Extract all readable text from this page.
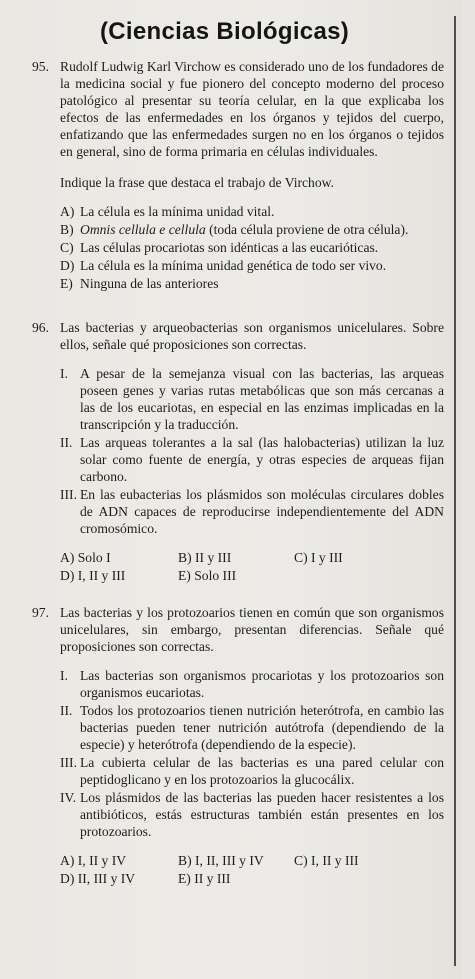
(Ciencias Biológicas)
95. Rudolf Ludwig Karl Virchow es considerado uno de los fundadores de la medicina social y fue pionero del concepto moderno del proceso patológico al presentar su teoría celular, en la que explicaba los efectos de las enfermedades en los órganos y tejidos del cuerpo, enfatizando que las enfermedades surgen no en los órganos o tejidos en general, sino de forma primaria en células individuales.
Indique la frase que destaca el trabajo de Virchow.
A) La célula es la mínima unidad vital.
B) Omnis cellula e cellula (toda célula proviene de otra célula).
C) Las células procariotas son idénticas a las eucarióticas.
D) La célula es la mínima unidad genética de todo ser vivo.
E) Ninguna de las anteriores
96. Las bacterias y arqueobacterias son organismos unicelulares. Sobre ellos, señale qué proposiciones son correctas.
I. A pesar de la semejanza visual con las bacterias, las arqueas poseen genes y varias rutas metabólicas que son más cercanas a las de los eucariotas, en especial en las enzimas implicadas en la transcripción y la traducción.
II. Las arqueas tolerantes a la sal (las halobacterias) utilizan la luz solar como fuente de energía, y otras especies de arqueas fijan carbono.
III. En las eubacterias los plásmidos son moléculas circulares dobles de ADN capaces de reproducirse independientemente del ADN cromosómico.
A) Solo I	B) II y III	C) I y III
D) I, II y III	E) Solo III
97. Las bacterias y los protozoarios tienen en común que son organismos unicelulares, sin embargo, presentan diferencias. Señale qué proposiciones son correctas.
I. Las bacterias son organismos procariotas y los protozoarios son organismos eucariotas.
II. Todos los protozoarios tienen nutrición heterótrofa, en cambio las bacterias pueden tener nutrición autótrofa (dependiendo de la especie) y heterótrofa (dependiendo de la especie).
III. La cubierta celular de las bacterias es una pared celular con peptidoglicano y en los protozoarios la glucocálix.
IV. Los plásmidos de las bacterias las pueden hacer resistentes a los antibióticos, estás estructuras también están presentes en los protozoarios.
A) I, II y IV	B) I, II, III y IV	C) I, II y III
D) II, III y IV	E) II y III
